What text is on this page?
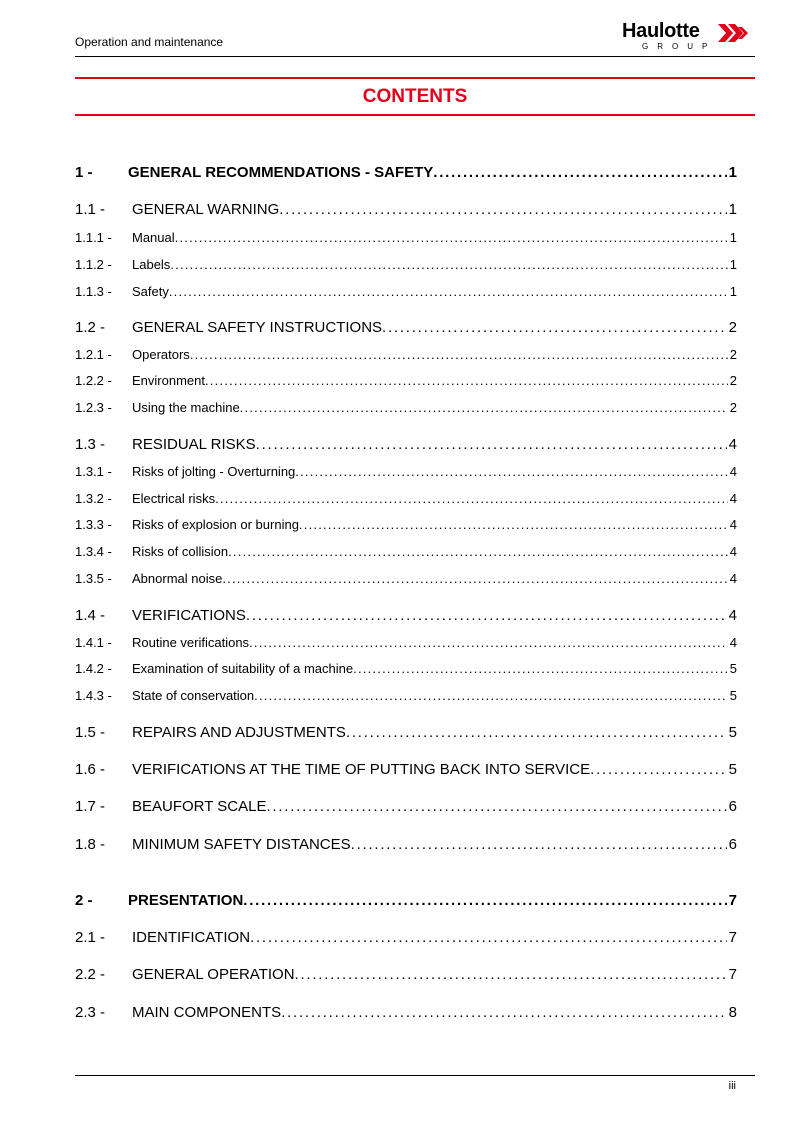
Operation and maintenance	Haulotte
GROUP
CONTENTS
1 -	GENERAL RECOMMENDATIONS - SAFETY . . .	1
1.1 -	GENERAL WARNING . . .	1
1.1.1 -	Manual . . .	1
1.1.2 -	Labels . . .	1
1.1.3 -	Safety . . .	1
1.2 -	GENERAL SAFETY INSTRUCTIONS . . .	2
1.2.1 -	Operators . . .	2
1.2.2 -	Environment . . .	2
1.2.3 -	Using the machine . . .	2
1.3 -	RESIDUAL RISKS . . .	4
1.3.1 -	Risks of jolting - Overturning . . .	4
1.3.2 -	Electrical risks . . .	4
1.3.3 -	Risks of explosion or burning . . .	4
1.3.4 -	Risks of collision . . .	4
1.3.5 -	Abnormal noise . . .	4
1.4 -	VERIFICATIONS . . .	4
1.4.1 -	Routine verifications . . .	4
1.4.2 -	Examination of suitability of a machine . . .	5
1.4.3 -	State of conservation . . .	5
1.5 -	REPAIRS AND ADJUSTMENTS . . .	5
1.6 -	VERIFICATIONS AT THE TIME OF PUTTING BACK INTO SERVICE . . .	5
1.7 -	BEAUFORT SCALE . . .	6
1.8 -	MINIMUM SAFETY DISTANCES . . .	6
2 -	PRESENTATION . . .	7
2.1 -	IDENTIFICATION . . .	7
2.2 -	GENERAL OPERATION . . .	7
2.3 -	MAIN COMPONENTS . . .	8
iii
